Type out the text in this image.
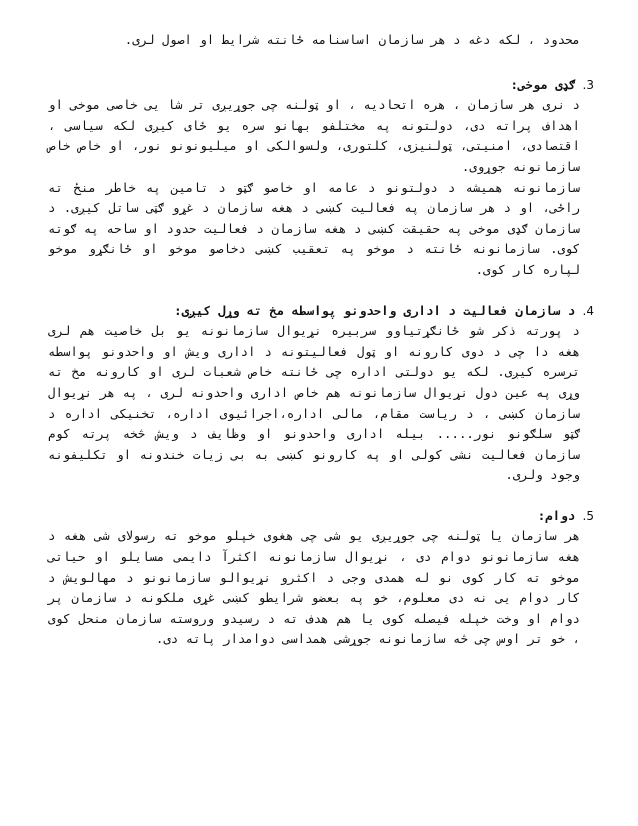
محدود ، لکه دغه د هر سازمان اساسنامه ځانته شرایط او اصول لری.

3. ګډی موخی:

د نری هر سازمان ، هره اتحادیه ، او ټولنه چی جوړیږی تر شا یی خاصی موخی او اهداف پراته دی، دولتونه په مختلفو بهانو سره یو ځای کیږی لکه سیاسی ، اقتصادی، امنیتی، ټولنیزی، کلتوری، ولسوالکی او میلیونونو نور، او خاص خاص سازمانونه جوړوی.

سازمانونه همیشه د دولتونو د عامه او خاصو ګټو د تامین په خاطر منځ ته راځی، او د هر سازمان په فعالیت کښی د هغه سازمان د غړو ګټی ساتل کیږی. د سازمان ګډی موخی په حقیقت کښی د هغه سازمان د فعالیت حدود او ساحه په ګوته کوی. سازمانونه ځانته د موخو په تعقیب کښی دخاصو موخو او ځانګړو موخو لپاره کار کوی.

4. د سازمان فعالیت د اداری واحدونو پواسطه مخ ته وړل کیږی:

د پورته ذکر شو ځانګړتیاوو سربیره نړیوال سازمانونه یو بل خاصیت هم لری هغه دا چی د دوی کارونه او ټول فعالیتونه د اداری ویش او واحدونو پواسطه ترسره کیږی. لکه یو دولتی اداره چی ځانته خاص شعبات لری او کارونه مخ ته وړی په عین دول نړیوال سازمانونه هم خاص اداری واحدونه لری ، په هر نړیوال سازمان کښی ، د ریاست مقام، مالی اداره،اجرائیوی اداره، تخنیکی اداره د ګټو سلګونو نور..... بیله اداری واحدونو او وظایف د ویش څخه پرته کوم سازمان فعالیت نشی کولی او په کارونو کښی به بی زیات خندونه او تکلیفونه وجود ولری.

5. دوام:

هر سازمان یا ټولنه چی جوړیږی یو شی چی هغوی خپلو موخو ته رسولای شی هغه د هغه سازمانونو دوام دی ، نړیوال سازمانونه اکثرآ دایمی مسایلو او حیاتی موخو ته کار کوی نو له همدی وجی د اکثرو نړیوالو سازمانونو د مهالویش د کار دوام یی نه دی معلوم، خو په بعضو شرایطو کښی غړی ملکونه د سازمان پر دوام او وخت خپله فیصله کوی یا هم هدف ته د رسیدو وروسته سازمان منحل کوی ، خو تر اوس چی څه سازمانونه جوړشی همداسی دوامدار پاته دی.
